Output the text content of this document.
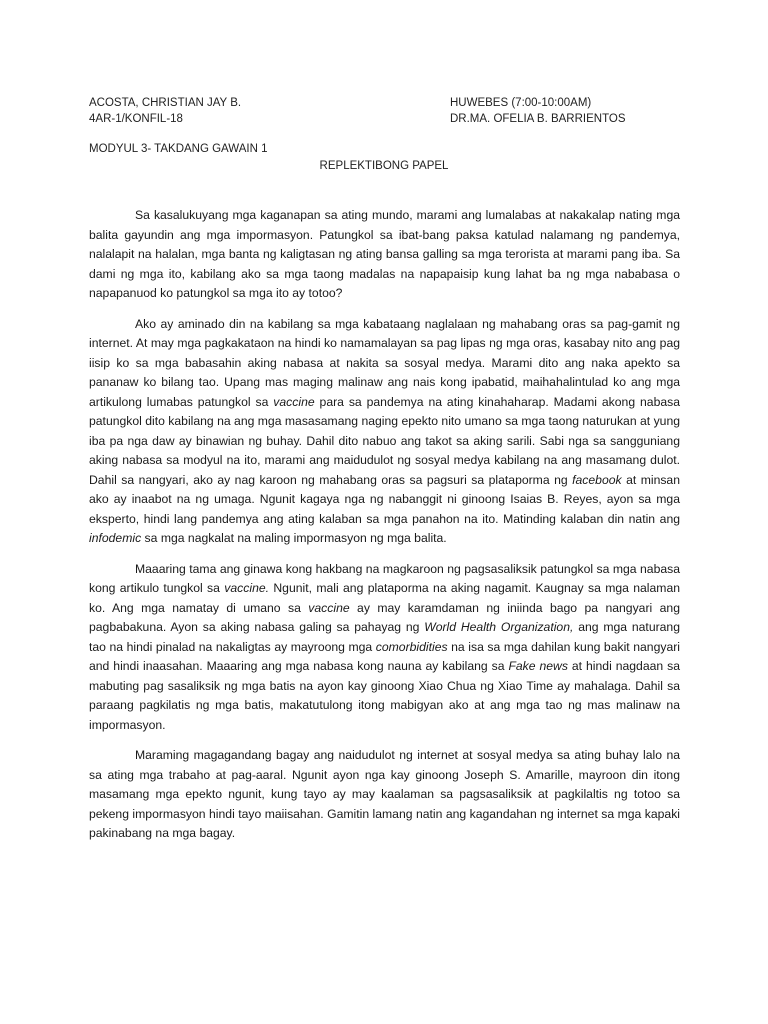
ACOSTA, CHRISTIAN JAY B.
4AR-1/KONFIL-18
HUWEBES (7:00-10:00AM)
DR.MA. OFELIA B. BARRIENTOS
MODYUL 3- TAKDANG GAWAIN 1
REPLEKTIBONG PAPEL

Sa kasalukuyang mga kaganapan sa ating mundo, marami ang lumalabas at nakakalap nating mga balita gayundin ang mga impormasyon. Patungkol sa ibat-bang paksa katulad nalamang ng pandemya, nalalapit na halalan, mga banta ng kaligtasan ng ating bansa galling sa mga terorista at marami pang iba. Sa dami ng mga ito, kabilang ako sa mga taong madalas na napapaisip kung lahat ba ng mga nababasa o napapanuod ko patungkol sa mga ito ay totoo?

Ako ay aminado din na kabilang sa mga kabataang naglalaan ng mahabang oras sa pag-gamit ng internet. At may mga pagkakataon na hindi ko namamalayan sa pag lipas ng mga oras, kasabay nito ang pag iisip ko sa mga babasahin aking nabasa at nakita sa sosyal medya. Marami dito ang naka apekto sa pananaw ko bilang tao. Upang mas maging malinaw ang nais kong ipabatid, maihahalintulad ko ang mga artikulong lumabas patungkol sa vaccine para sa pandemya na ating kinahaharap. Madami akong nabasa patungkol dito kabilang na ang mga masasamang naging epekto nito umano sa mga taong naturukan at yung iba pa nga daw ay binawian ng buhay. Dahil dito nabuo ang takot sa aking sarili. Sabi nga sa sangguniang aking nabasa sa modyul na ito, marami ang maidudulot ng sosyal medya kabilang na ang masamang dulot. Dahil sa nangyari, ako ay nag karoon ng mahabang oras sa pagsuri sa plataporma ng facebook at minsan ako ay inaabot na ng umaga. Ngunit kagaya nga ng nabanggit ni ginoong Isaias B. Reyes, ayon sa mga eksperto, hindi lang pandemya ang ating kalaban sa mga panahon na ito. Matinding kalaban din natin ang infodemic sa mga nagkalat na maling impormasyon ng mga balita.

Maaaring tama ang ginawa kong hakbang na magkaroon ng pagsasaliksik patungkol sa mga nabasa kong artikulo tungkol sa vaccine. Ngunit, mali ang plataporma na aking nagamit. Kaugnay sa mga nalaman ko. Ang mga namatay di umano sa vaccine ay may karamdaman ng iniinda bago pa nangyari ang pagbabakuna. Ayon sa aking nabasa galing sa pahayag ng World Health Organization, ang mga naturang tao na hindi pinalad na nakaligtas ay mayroong mga comorbidities na isa sa mga dahilan kung bakit nangyari and hindi inaasahan. Maaaring ang mga nabasa kong nauna ay kabilang sa Fake news at hindi nagdaan sa mabuting pag sasaliksik ng mga batis na ayon kay ginoong Xiao Chua ng Xiao Time ay mahalaga. Dahil sa paraang pagkilatis ng mga batis, makatutulong itong mabigyan ako at ang mga tao ng mas malinaw na impormasyon.

Maraming magagandang bagay ang naidudulot ng internet at sosyal medya sa ating buhay lalo na sa ating mga trabaho at pag-aaral. Ngunit ayon nga kay ginoong Joseph S. Amarille, mayroon din itong masamang mga epekto ngunit, kung tayo ay may kaalaman sa pagsasaliksik at pagkilaltis ng totoo sa pekeng impormasyon hindi tayo maiisahan. Gamitin lamang natin ang kagandahan ng internet sa mga kapaki pakinabang na mga bagay.
